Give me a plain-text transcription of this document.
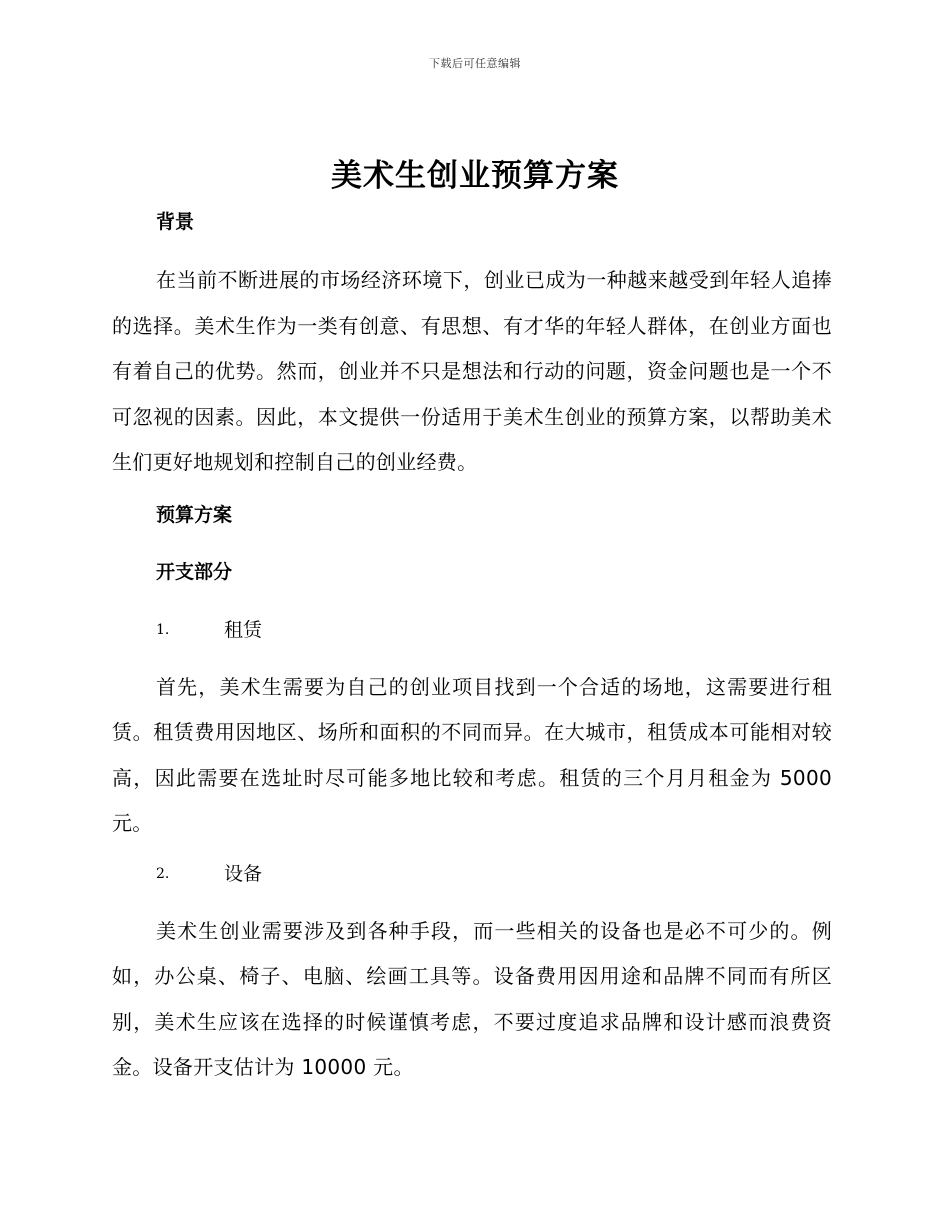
下载后可任意编辑
美术生创业预算方案
背景

在当前不断进展的市场经济环境下，创业已成为一种越来越受到年轻人追捧的选择。美术生作为一类有创意、有思想、有才华的年轻人群体，在创业方面也有着自己的优势。然而，创业并不只是想法和行动的问题，资金问题也是一个不可忽视的因素。因此，本文提供一份适用于美术生创业的预算方案，以帮助美术生们更好地规划和控制自己的创业经费。

预算方案
开支部分
1.	租赁

首先，美术生需要为自己的创业项目找到一个合适的场地，这需要进行租赁。租赁费用因地区、场所和面积的不同而异。在大城市，租赁成本可能相对较高，因此需要在选址时尽可能多地比较和考虑。租赁的三个月月租金为 5000 元。

2.	设备

美术生创业需要涉及到各种手段，而一些相关的设备也是必不可少的。例如，办公桌、椅子、电脑、绘画工具等。设备费用因用途和品牌不同而有所区别，美术生应该在选择的时候谨慎考虑，不要过度追求品牌和设计感而浪费资金。设备开支估计为 10000 元。
